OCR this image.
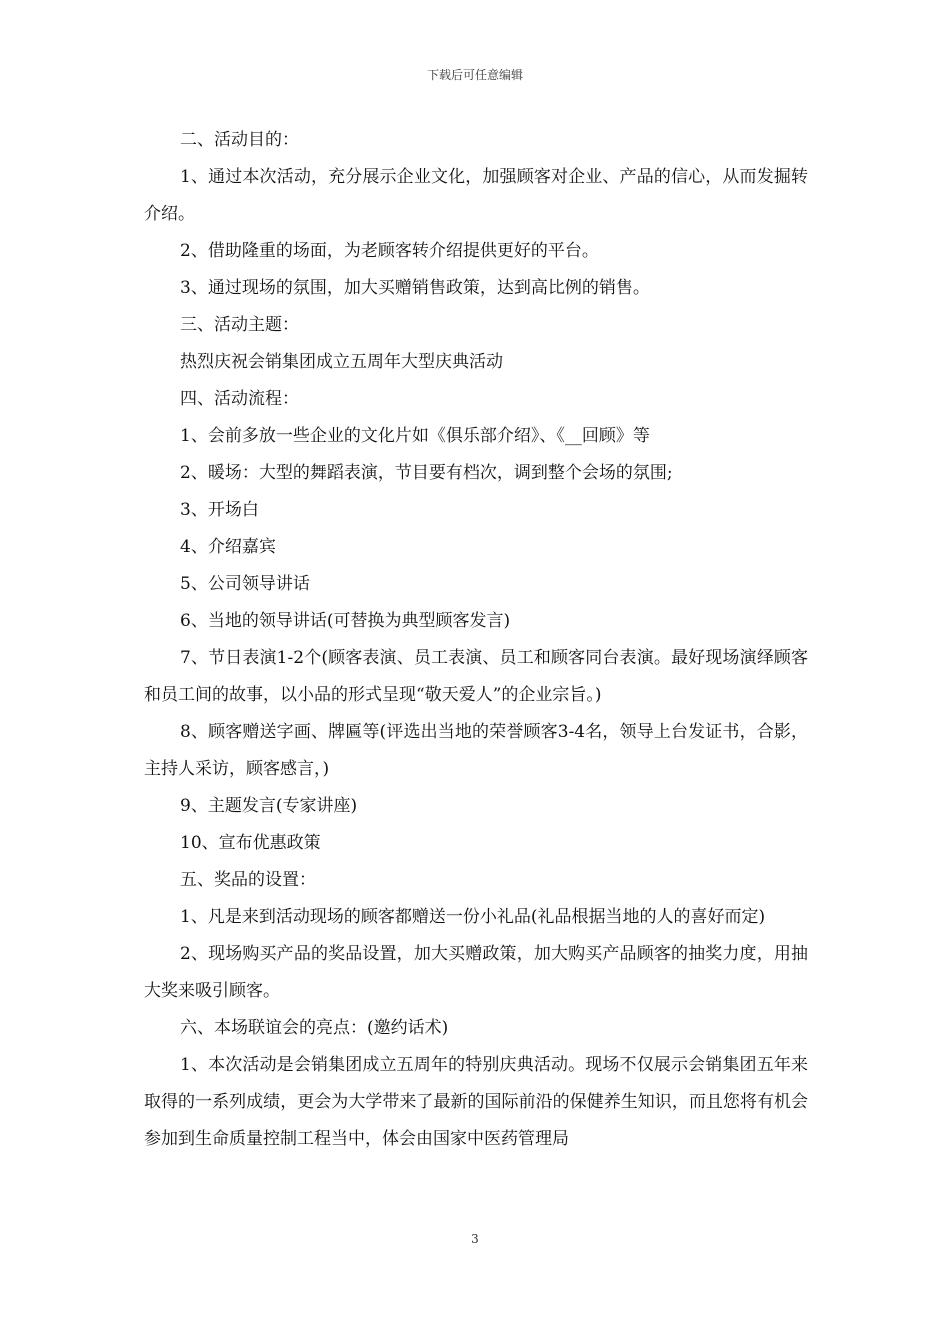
下载后可任意编辑

二、活动目的：

1、通过本次活动，充分展示企业文化，加强顾客对企业、产品的信心，从而发掘转介绍。

2、借助隆重的场面，为老顾客转介绍提供更好的平台。

3、通过现场的氛围，加大买赠销售政策，达到高比例的销售。

三、活动主题：

热烈庆祝会销集团成立五周年大型庆典活动

四、活动流程：

1、会前多放一些企业的文化片如《俱乐部介绍》、《__回顾》等

2、暖场：大型的舞蹈表演，节目要有档次，调到整个会场的氛围;

3、开场白

4、介绍嘉宾

5、公司领导讲话

6、当地的领导讲话(可替换为典型顾客发言)

7、节日表演1-2个(顾客表演、员工表演、员工和顾客同台表演。最好现场演绎顾客和员工间的故事，以小品的形式呈现“敬天爱人”的企业宗旨。)

8、顾客赠送字画、牌匾等(评选出当地的荣誉顾客3-4名，领导上台发证书，合影，主持人采访，顾客感言，)

9、主题发言(专家讲座)

10、宣布优惠政策

五、奖品的设置：

1、凡是来到活动现场的顾客都赠送一份小礼品(礼品根据当地的人的喜好而定)

2、现场购买产品的奖品设置，加大买赠政策，加大购买产品顾客的抽奖力度，用抽大奖来吸引顾客。

六、本场联谊会的亮点：(邀约话术)

1、本次活动是会销集团成立五周年的特别庆典活动。现场不仅展示会销集团五年来取得的一系列成绩，更会为大学带来了最新的国际前沿的保健养生知识，而且您将有机会参加到生命质量控制工程当中，体会由国家中医药管理局

3
